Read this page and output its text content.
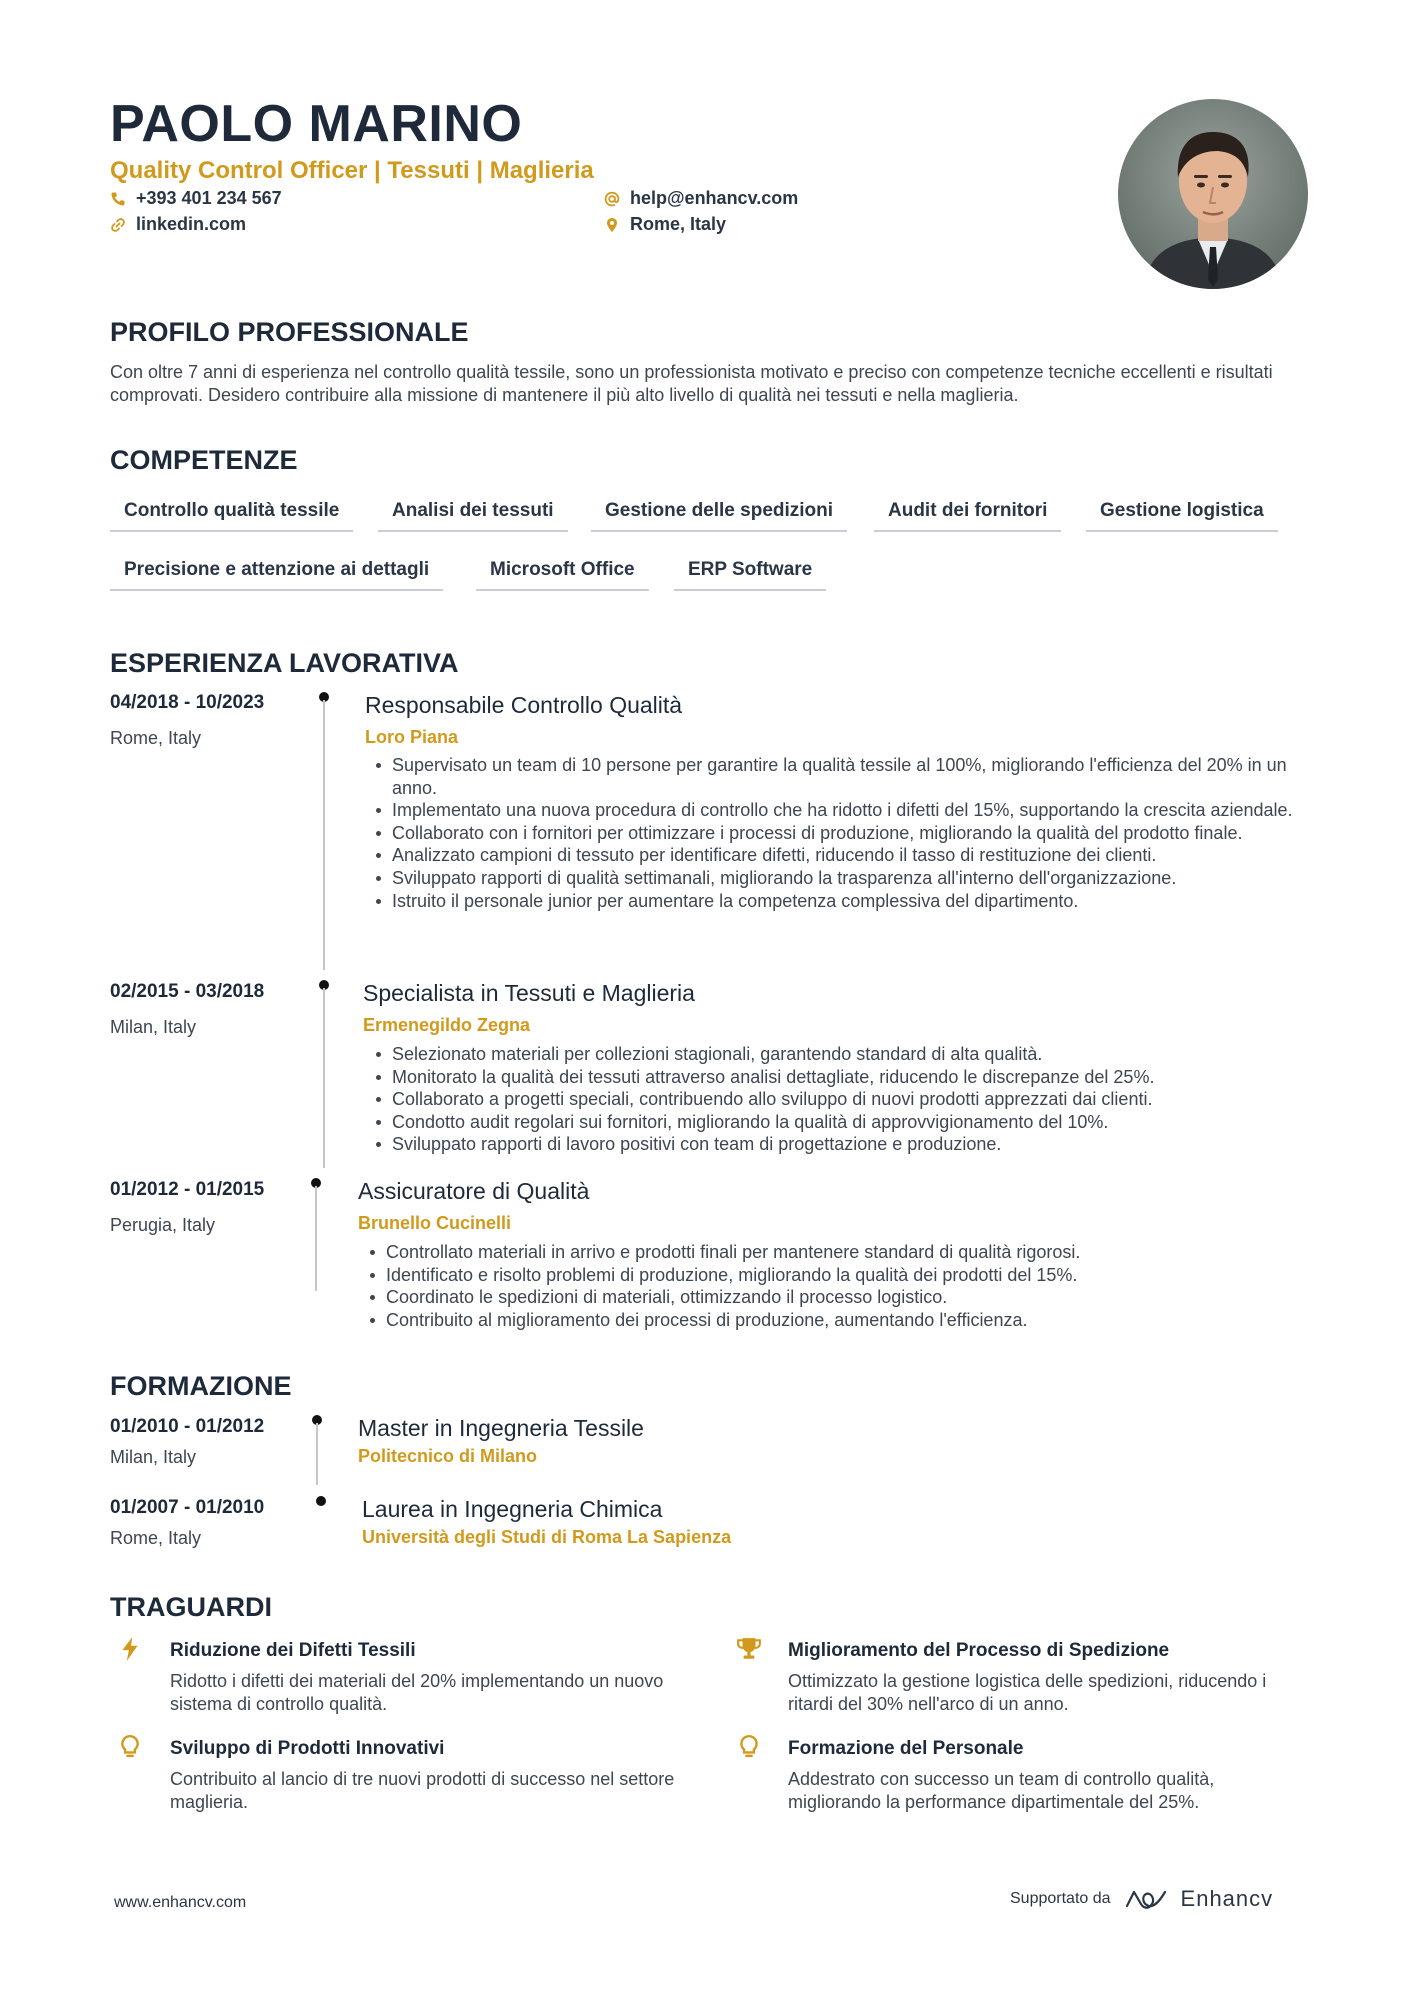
PAOLO MARINO
Quality Control Officer | Tessuti | Maglieria
+393 401 234 567	help@enhancv.com
linkedin.com	Rome, Italy
PROFILO PROFESSIONALE
Con oltre 7 anni di esperienza nel controllo qualità tessile, sono un professionista motivato e preciso con competenze tecniche eccellenti e risultati comprovati. Desidero contribuire alla missione di mantenere il più alto livello di qualità nei tessuti e nella maglieria.
COMPETENZE
Controllo qualità tessile	Analisi dei tessuti	Gestione delle spedizioni	Audit dei fornitori	Gestione logistica
Precisione e attenzione ai dettagli	Microsoft Office	ERP Software
ESPERIENZA LAVORATIVA
04/2018 - 10/2023
Rome, Italy
Responsabile Controllo Qualità
Loro Piana
Supervisato un team di 10 persone per garantire la qualità tessile al 100%, migliorando l'efficienza del 20% in un anno.
Implementato una nuova procedura di controllo che ha ridotto i difetti del 15%, supportando la crescita aziendale.
Collaborato con i fornitori per ottimizzare i processi di produzione, migliorando la qualità del prodotto finale.
Analizzato campioni di tessuto per identificare difetti, riducendo il tasso di restituzione dei clienti.
Sviluppato rapporti di qualità settimanali, migliorando la trasparenza all'interno dell'organizzazione.
Istruito il personale junior per aumentare la competenza complessiva del dipartimento.
02/2015 - 03/2018
Milan, Italy
Specialista in Tessuti e Maglieria
Ermenegildo Zegna
Selezionato materiali per collezioni stagionali, garantendo standard di alta qualità.
Monitorato la qualità dei tessuti attraverso analisi dettagliate, riducendo le discrepanze del 25%.
Collaborato a progetti speciali, contribuendo allo sviluppo di nuovi prodotti apprezzati dai clienti.
Condotto audit regolari sui fornitori, migliorando la qualità di approvvigionamento del 10%.
Sviluppato rapporti di lavoro positivi con team di progettazione e produzione.
01/2012 - 01/2015
Perugia, Italy
Assicuratore di Qualità
Brunello Cucinelli
Controllato materiali in arrivo e prodotti finali per mantenere standard di qualità rigorosi.
Identificato e risolto problemi di produzione, migliorando la qualità dei prodotti del 15%.
Coordinato le spedizioni di materiali, ottimizzando il processo logistico.
Contribuito al miglioramento dei processi di produzione, aumentando l'efficienza.
FORMAZIONE
01/2010 - 01/2012
Milan, Italy
Master in Ingegneria Tessile
Politecnico di Milano
01/2007 - 01/2010
Rome, Italy
Laurea in Ingegneria Chimica
Università degli Studi di Roma La Sapienza
TRAGUARDI
Riduzione dei Difetti Tessili
Ridotto i difetti dei materiali del 20% implementando un nuovo sistema di controllo qualità.
Miglioramento del Processo di Spedizione
Ottimizzato la gestione logistica delle spedizioni, riducendo i ritardi del 30% nell'arco di un anno.
Sviluppo di Prodotti Innovativi
Contribuito al lancio di tre nuovi prodotti di successo nel settore maglieria.
Formazione del Personale
Addestrato con successo un team di controllo qualità, migliorando la performance dipartimentale del 25%.
www.enhancv.com	Supportato da	Enhancv
